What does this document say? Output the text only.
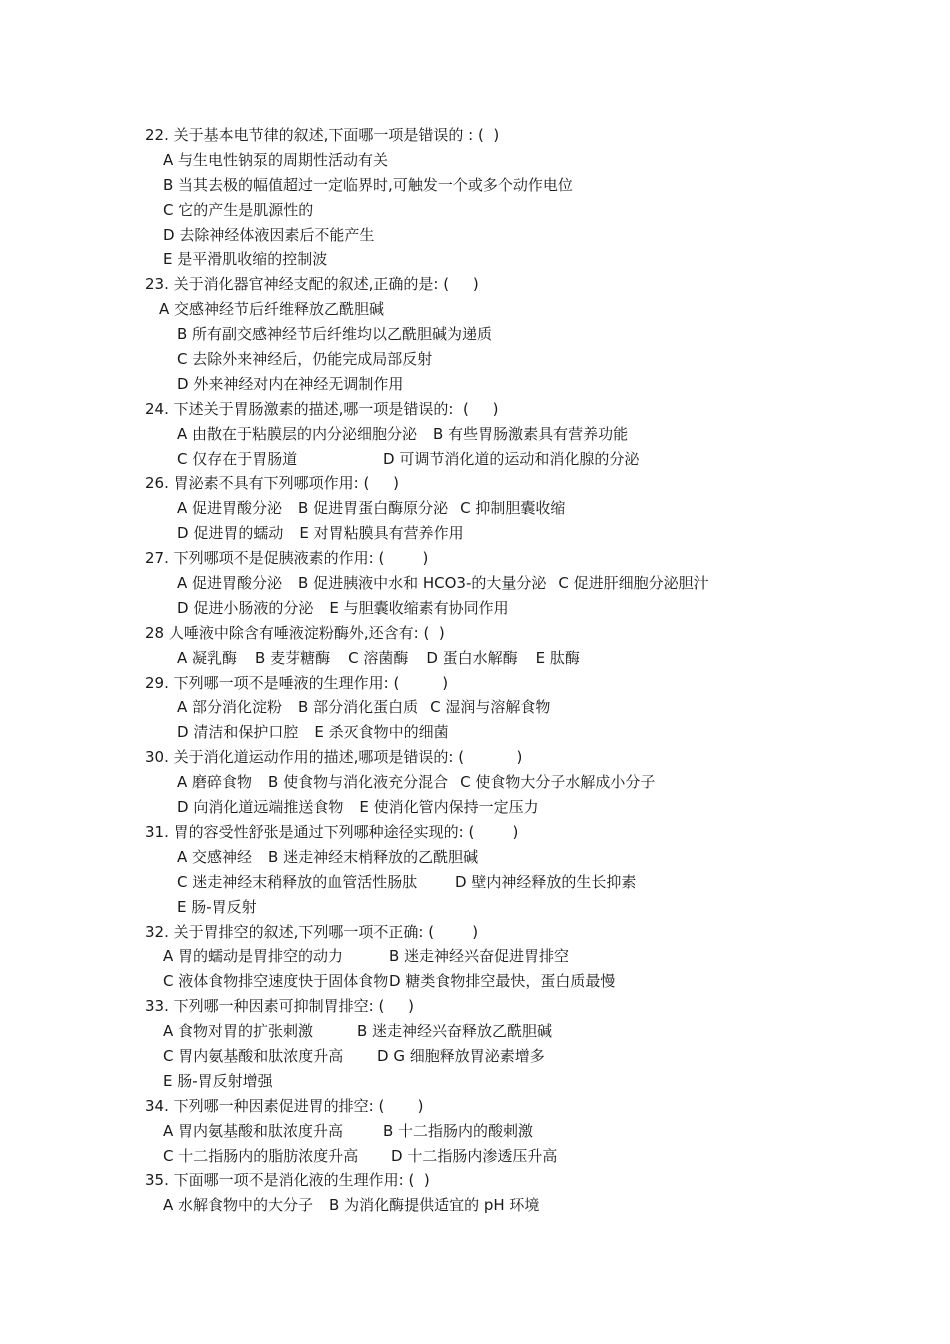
22. 关于基本电节律的叙述,下面哪一项是错误的 : (  )
A 与生电性钠泵的周期性活动有关
B 当其去极的幅值超过一定临界时,可触发一个或多个动作电位
C 它的产生是肌源性的
D 去除神经体液因素后不能产生
E 是平滑肌收缩的控制波
23. 关于消化器官神经支配的叙述,正确的是: (     )
A 交感神经节后纤维释放乙酰胆碱
B 所有副交感神经节后纤维均以乙酰胆碱为递质
C 去除外来神经后，仍能完成局部反射
D 外来神经对内在神经无调制作用
24. 下述关于胃肠激素的描述,哪一项是错误的:  (     )
A 由散在于粘膜层的内分泌细胞分泌 B 有些胃肠激素具有营养功能
C 仅存在于胃肠道	D 可调节消化道的运动和消化腺的分泌
26. 胃泌素不具有下列哪项作用: (     )
A 促进胃酸分泌 B 促进胃蛋白酶原分泌 C 抑制胆囊收缩
D 促进胃的蠕动 E 对胃粘膜具有营养作用
27. 下列哪项不是促胰液素的作用: (        )
A 促进胃酸分泌 B 促进胰液中水和 HCO3-的大量分泌 C 促进肝细胞分泌胆汁
D 促进小肠液的分泌 E 与胆囊收缩素有协同作用
28 人唾液中除含有唾液淀粉酶外,还含有: (  )
A 凝乳酶 B 麦芽糖酶 C 溶菌酶 D 蛋白水解酶 E 肽酶
29. 下列哪一项不是唾液的生理作用: (         )
A 部分消化淀粉 B 部分消化蛋白质 C 湿润与溶解食物
D 清洁和保护口腔 E 杀灭食物中的细菌
30. 关于消化道运动作用的描述,哪项是错误的: (           )
A 磨碎食物 B 使食物与消化液充分混合 C 使食物大分子水解成小分子
D 向消化道远端推送食物 E 使消化管内保持一定压力
31. 胃的容受性舒张是通过下列哪种途径实现的: (        )
A 交感神经 B 迷走神经末梢释放的乙酰胆碱
C 迷走神经末稍释放的血管活性肠肽	D 壁内神经释放的生长抑素
E 肠-胃反射
32. 关于胃排空的叙述,下列哪一项不正确: (        )
A 胃的蠕动是胃排空的动力	B 迷走神经兴奋促进胃排空
C 液体食物排空速度快于固体食物 D 糖类食物排空最快，蛋白质最慢
33. 下列哪一种因素可抑制胃排空: (     )
A 食物对胃的扩张刺激	B 迷走神经兴奋释放乙酰胆碱
C 胃内氨基酸和肽浓度升高 D G 细胞释放胃泌素增多
E 肠-胃反射增强
34. 下列哪一种因素促进胃的排空: (       )
A 胃内氨基酸和肽浓度升高	B 十二指肠内的酸刺激
C 十二指肠内的脂肪浓度升高 D 十二指肠内渗透压升高
35. 下面哪一项不是消化液的生理作用: (  )
A 水解食物中的大分子 B 为消化酶提供适宜的 pH 环境
